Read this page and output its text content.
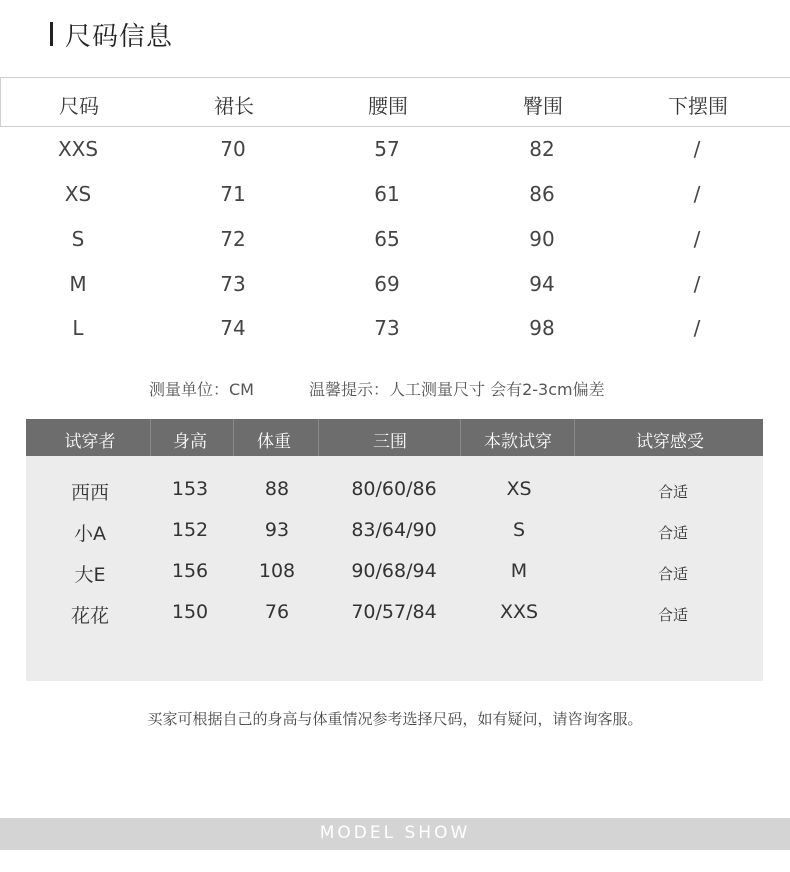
尺码信息
尺码	裙长	腰围	臀围	下摆围
XXS	70	57	82	/
XS	71	61	86	/
S	72	65	90	/
M	73	69	94	/
L	74	73	98	/
测量单位：CM	温馨提示：人工测量尺寸 会有2-3cm偏差
试穿者	身高	体重	三围	本款试穿	试穿感受
西西	153	88	80/60/86	XS	合适
小A	152	93	83/64/90	S	合适
大E	156	108	90/68/94	M	合适
花花	150	76	70/57/84	XXS	合适
买家可根据自己的身高与体重情况参考选择尺码，如有疑问，请咨询客服。
MODEL SHOW
